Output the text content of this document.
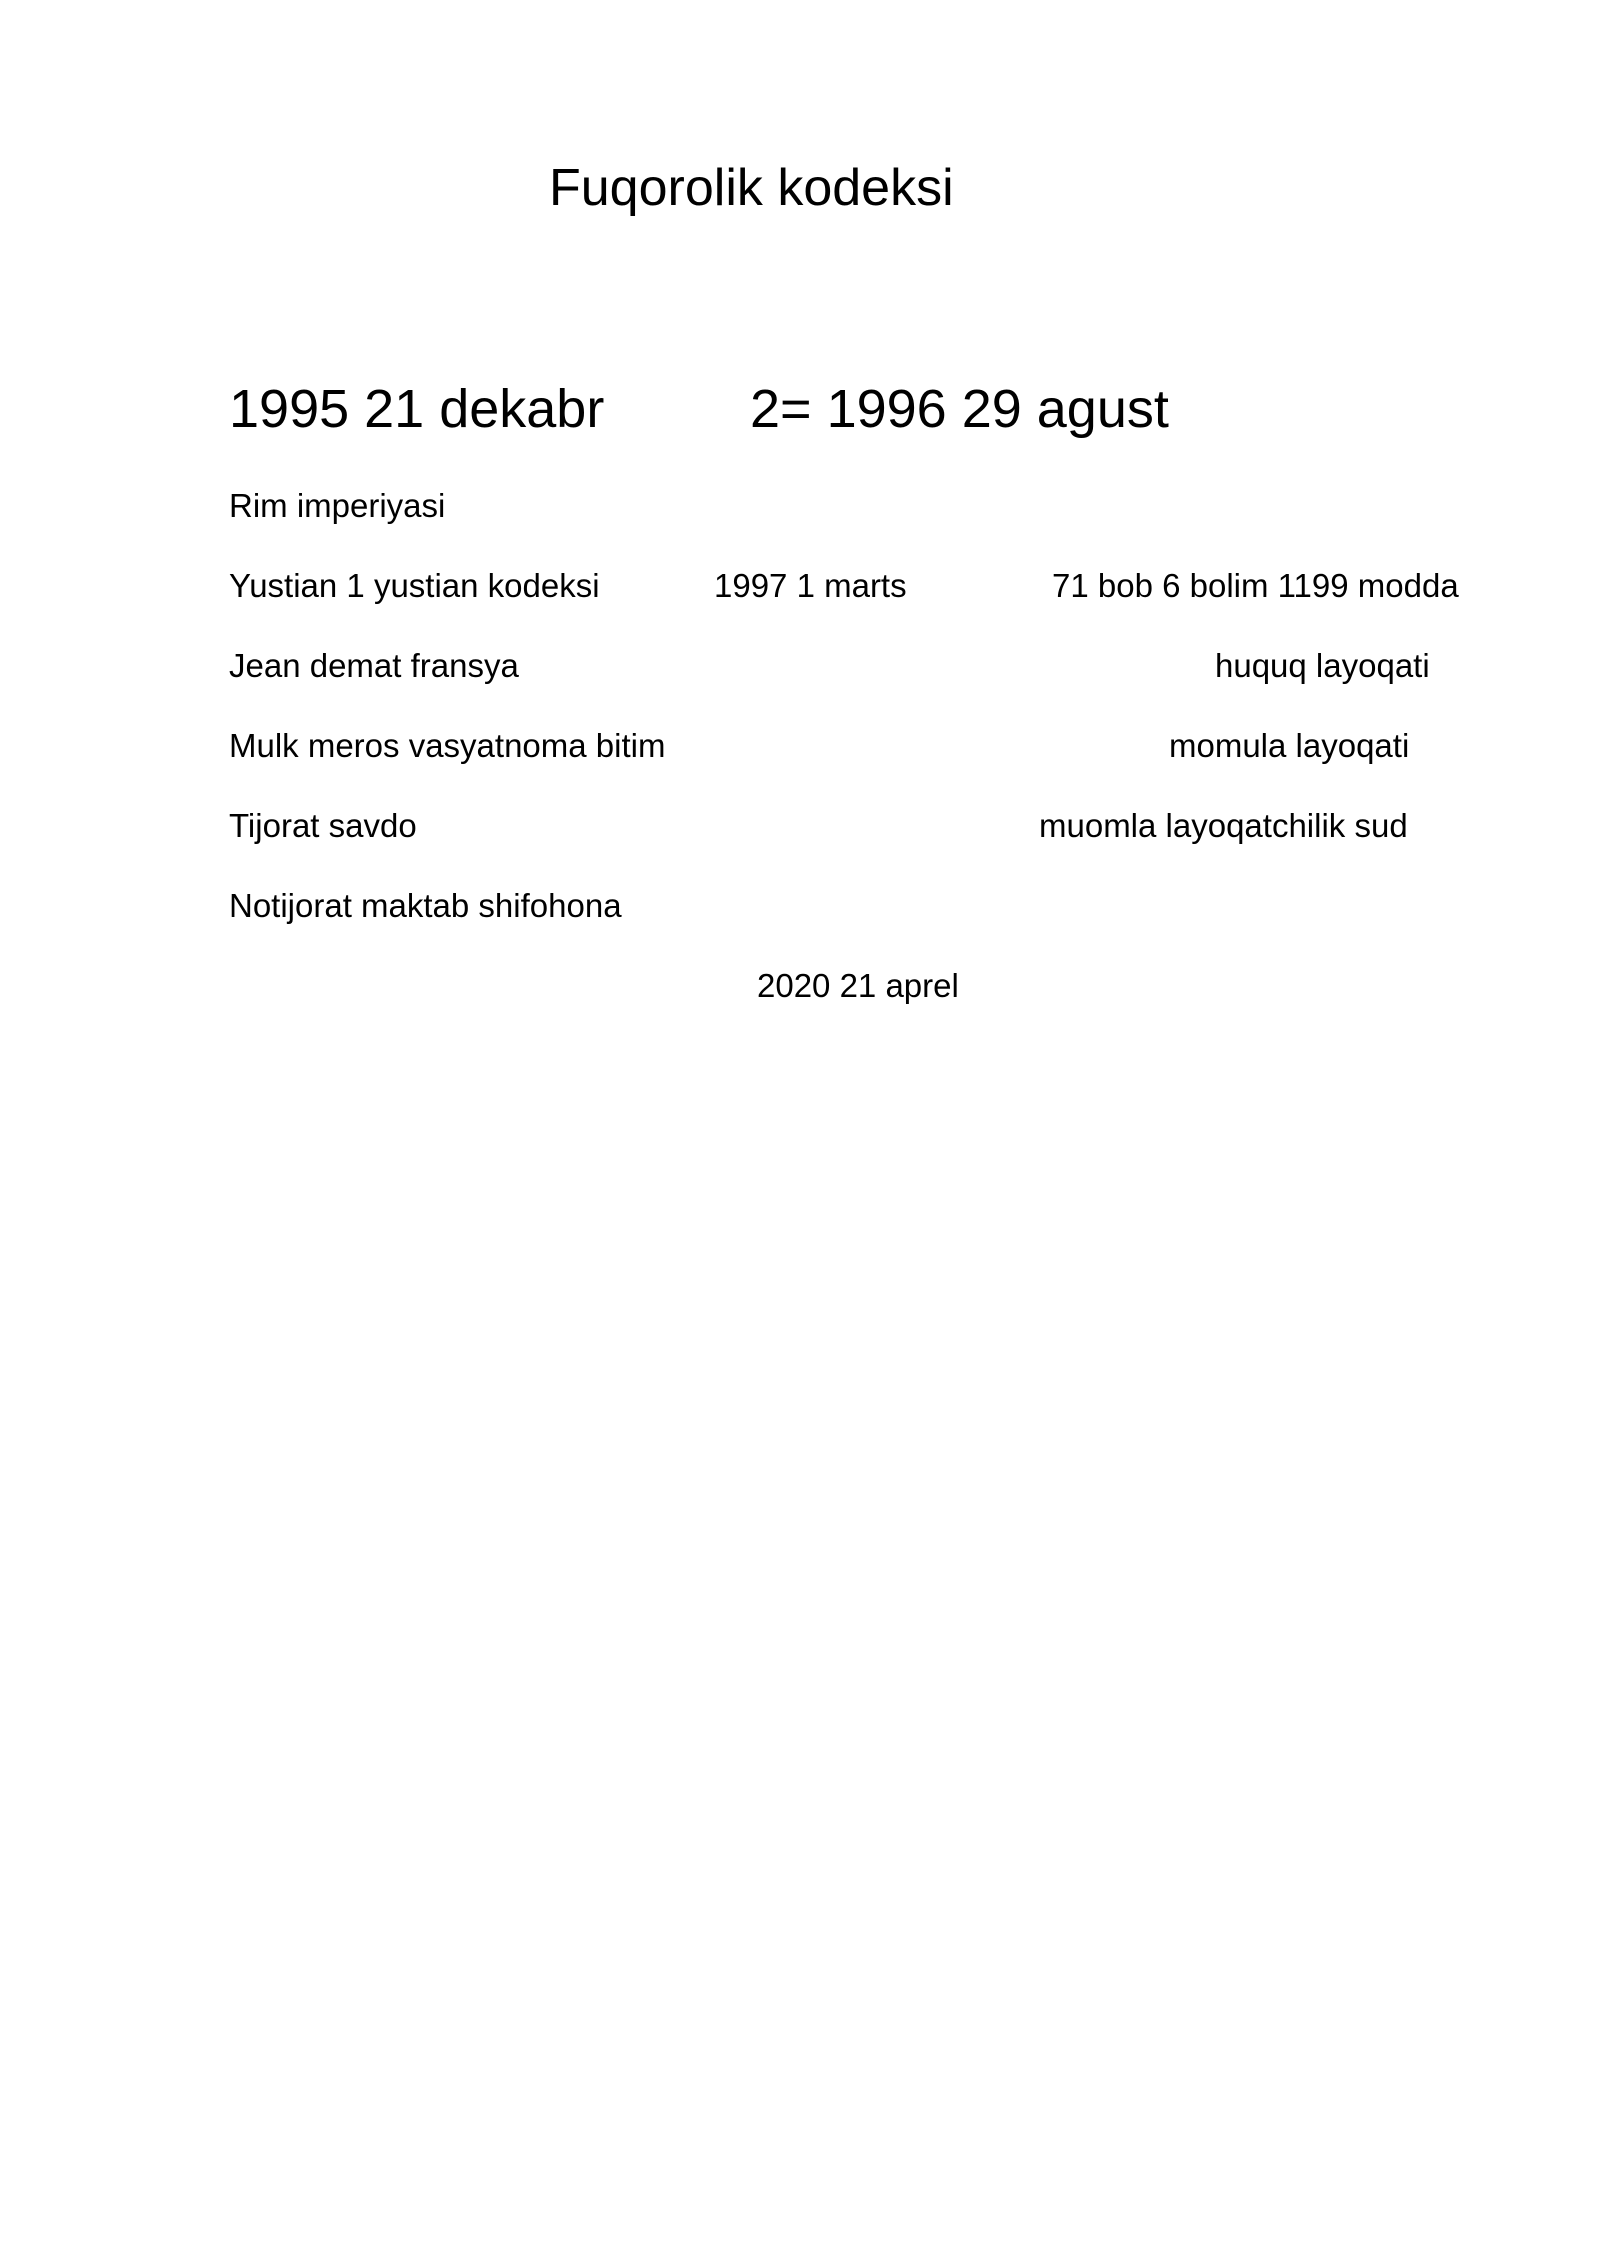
Fuqorolik kodeksi
1995 21 dekabr	2= 1996 29 agust
Rim imperiyasi
Yustian 1 yustian kodeksi	1997 1 marts	71 bob 6 bolim 1199 modda
Jean demat fransya	huquq layoqati
Mulk meros vasyatnoma bitim	momula layoqati
Tijorat savdo	muomla layoqatchilik sud
Notijorat maktab shifohona
2020 21 aprel
